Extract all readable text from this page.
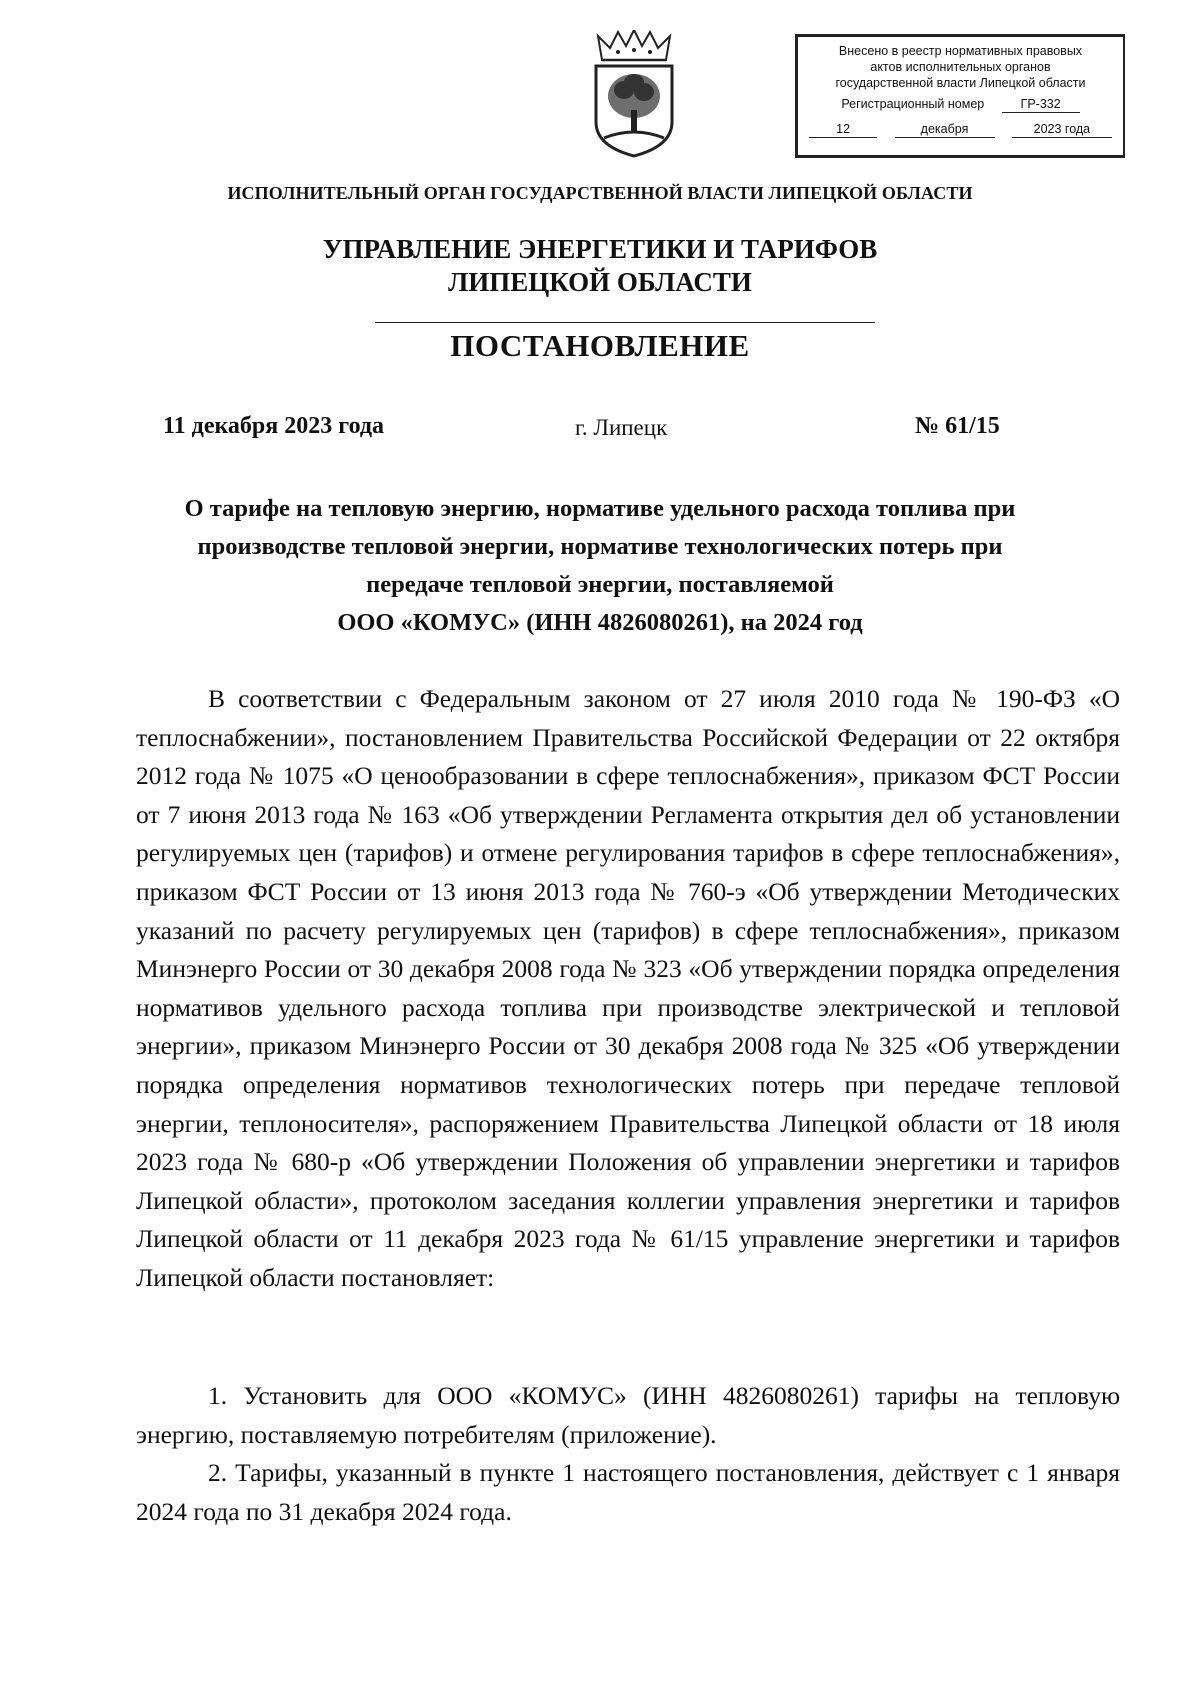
Внесено в реестр нормативных правовых
актов исполнительных органов
государственной власти Липецкой области
Регистрационный номер	ГР-332
12	декабря	2023 года
ИСПОЛНИТЕЛЬНЫЙ ОРГАН ГОСУДАРСТВЕННОЙ ВЛАСТИ ЛИПЕЦКОЙ ОБЛАСТИ
УПРАВЛЕНИЕ ЭНЕРГЕТИКИ И ТАРИФОВ
ЛИПЕЦКОЙ ОБЛАСТИ
ПОСТАНОВЛЕНИЕ
11 декабря 2023 года	г. Липецк	№ 61/15
О тарифе на тепловую энергию, нормативе удельного расхода топлива при
производстве тепловой энергии, нормативе технологических потерь при
передаче тепловой энергии, поставляемой
ООО «КОМУС» (ИНН 4826080261), на 2024 год

В соответствии с Федеральным законом от 27 июля 2010 года № 190-ФЗ «О теплоснабжении», постановлением Правительства Российской Федерации от 22 октября 2012 года № 1075 «О ценообразовании в сфере теплоснабжения», приказом ФСТ России от 7 июня 2013 года № 163 «Об утверждении Регламента открытия дел об установлении регулируемых цен (тарифов) и отмене регулирования тарифов в сфере теплоснабжения», приказом ФСТ России от 13 июня 2013 года № 760-э «Об утверждении Методических указаний по расчету регулируемых цен (тарифов) в сфере теплоснабжения», приказом Минэнерго России от 30 декабря 2008 года № 323 «Об утверждении порядка определения нормативов удельного расхода топлива при производстве электрической и тепловой энергии», приказом Минэнерго России от 30 декабря 2008 года № 325 «Об утверждении порядка определения нормативов технологических потерь при передаче тепловой энергии, теплоносителя», распоряжением Правительства Липецкой области от 18 июля 2023 года № 680-р «Об утверждении Положения об управлении энергетики и тарифов Липецкой области», протоколом заседания коллегии управления энергетики и тарифов Липецкой области от 11 декабря 2023 года № 61/15 управление энергетики и тарифов Липецкой области постановляет:

1. Установить для ООО «КОМУС» (ИНН 4826080261) тарифы на тепловую энергию, поставляемую потребителям (приложение).

2. Тарифы, указанный в пункте 1 настоящего постановления, действует с 1 января 2024 года по 31 декабря 2024 года.
